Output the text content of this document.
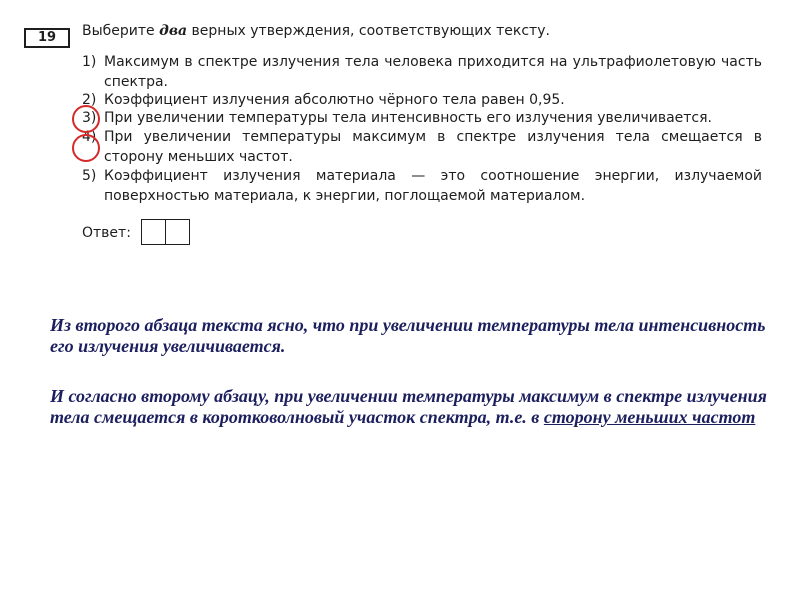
19	Выберите два верных утверждения, соответствующих тексту.
1) Максимум в спектре излучения тела человека приходится на ультрафиолетовую часть спектра.
2) Коэффициент излучения абсолютно чёрного тела равен 0,95.
3) При увеличении температуры тела интенсивность его излучения увеличивается.
4) При увеличении температуры максимум в спектре излучения тела смещается в сторону меньших частот.
5) Коэффициент излучения материала — это соотношение энергии, излучаемой поверхностью материала, к энергии, поглощаемой материалом.
Ответ:
Из второго абзаца текста ясно, что при увеличении температуры тела интенсивность его излучения увеличивается.
И согласно второму абзацу, при увеличении температуры максимум в спектре излучения тела смещается в коротковолновый участок спектра, т.е. в сторону меньших частот
